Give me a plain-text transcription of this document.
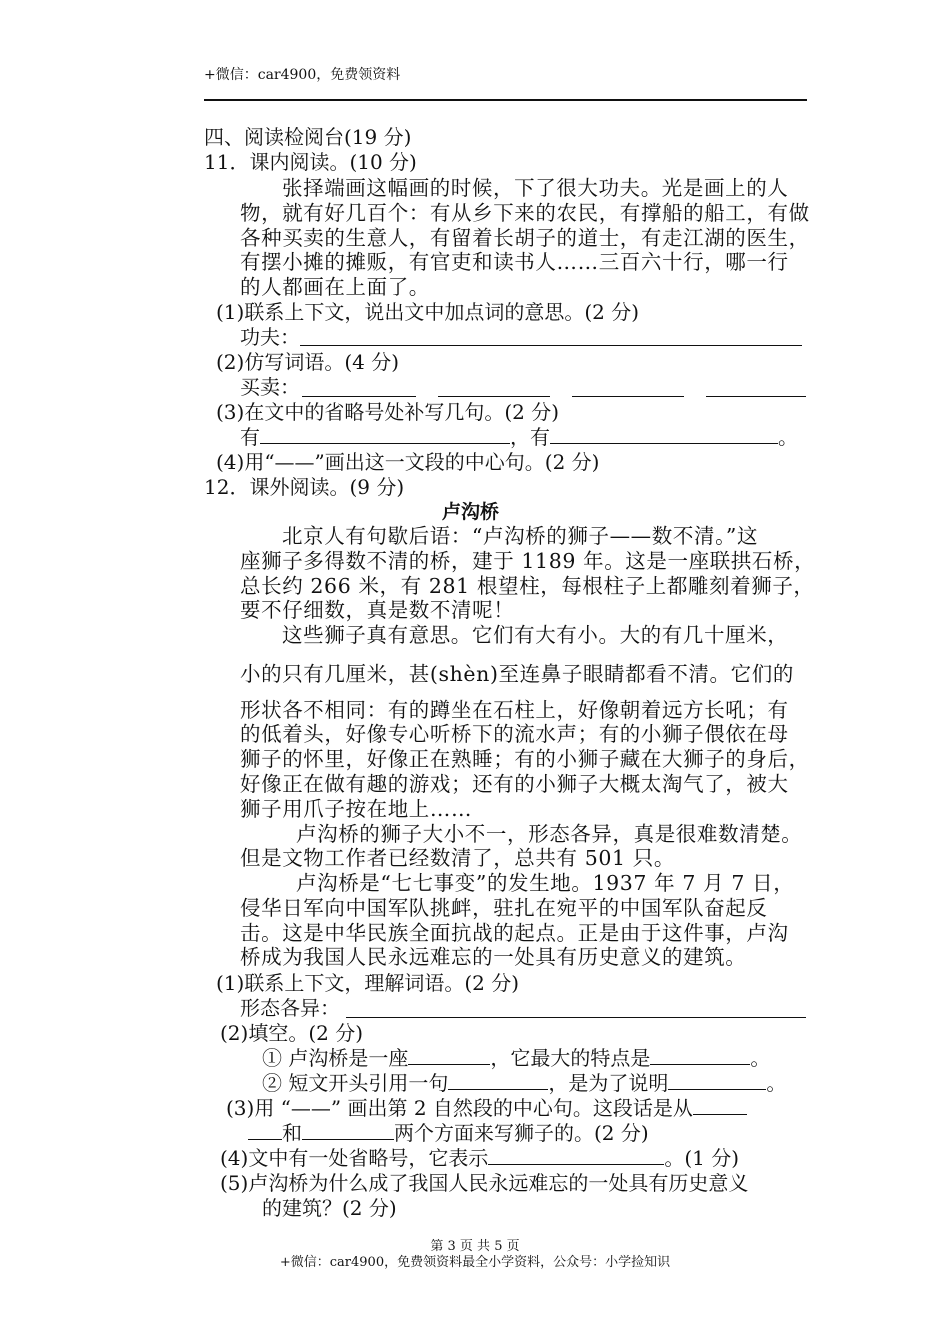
+微信：car4900，免费领资料
四、阅读检阅台(19 分)
11．课内阅读。(10 分)
张择端画这幅画的时候，下了很大功夫。光是画上的人
物，就有好几百个：有从乡下来的农民，有撑船的船工，有做
各种买卖的生意人，有留着长胡子的道士，有走江湖的医生，
有摆小摊的摊贩，有官吏和读书人……三百六十行，哪一行
的人都画在上面了。
(1)联系上下文，说出文中加点词的意思。(2 分)
功夫：
(2)仿写词语。(4 分)
买卖：
(3)在文中的省略号处补写几句。(2 分)
有	，有	。
(4)用“——”画出这一文段的中心句。(2 分)
12．课外阅读。(9 分)
卢沟桥
北京人有句歇后语：“卢沟桥的狮子——数不清。”这
座狮子多得数不清的桥，建于 1189 年。这是一座联拱石桥，
总长约 266 米，有 281 根望柱，每根柱子上都雕刻着狮子，
要不仔细数，真是数不清呢！
这些狮子真有意思。它们有大有小。大的有几十厘米，
小的只有几厘米，甚(shèn)至连鼻子眼睛都看不清。它们的
形状各不相同：有的蹲坐在石柱上，好像朝着远方长吼；有
的低着头，好像专心听桥下的流水声；有的小狮子偎依在母
狮子的怀里，好像正在熟睡；有的小狮子藏在大狮子的身后，
好像正在做有趣的游戏；还有的小狮子大概太淘气了，被大
狮子用爪子按在地上……
卢沟桥的狮子大小不一，形态各异，真是很难数清楚。
但是文物工作者已经数清了，总共有 501 只。
卢沟桥是“七七事变”的发生地。1937 年 7 月 7 日，
侵华日军向中国军队挑衅，驻扎在宛平的中国军队奋起反
击。这是中华民族全面抗战的起点。正是由于这件事，卢沟
桥成为我国人民永远难忘的一处具有历史意义的建筑。
(1)联系上下文，理解词语。(2 分)
形态各异：
(2)填空。(2 分)
① 卢沟桥是一座	，它最大的特点是	。
② 短文开头引用一句	，是为了说明	。
(3)用 “——” 画出第 2 自然段的中心句。这段话是从
和	两个方面来写狮子的。(2 分)
(4)文中有一处省略号，它表示	。(1 分)
(5)卢沟桥为什么成了我国人民永远难忘的一处具有历史意义
的建筑？(2 分)
第 3 页 共 5 页
+微信：car4900，免费领资料最全小学资料，公众号：小学捡知识
